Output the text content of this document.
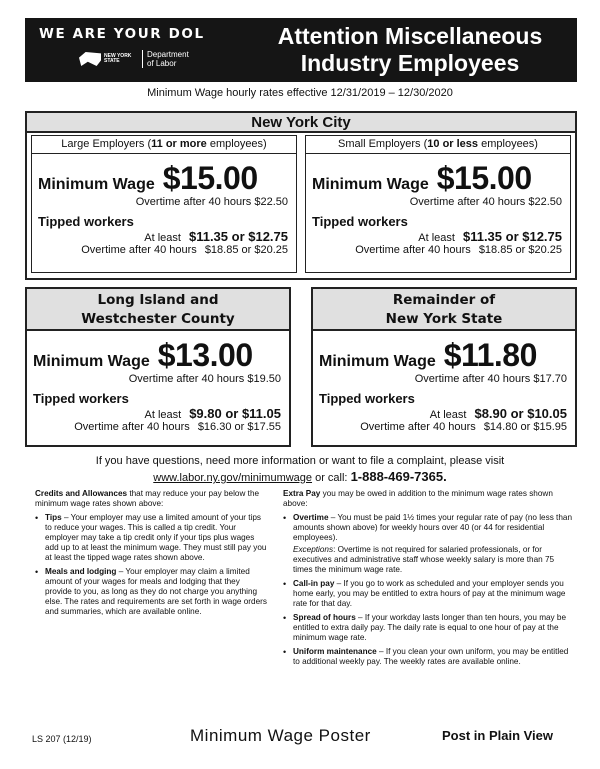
WE ARE YOUR DOL
NEW YORK STATE
Department
of Labor
Attention Miscellaneous
Industry Employees
Minimum Wage hourly rates effective 12/31/2019 – 12/30/2020
New York City
Large Employers (11 or more employees)
Minimum Wage $15.00
Overtime after 40 hours $22.50
Tipped workers
At least $11.35 or $12.75
Overtime after 40 hours $18.85 or $20.25
Small Employers (10 or less employees)
Minimum Wage $15.00
Overtime after 40 hours $22.50
Tipped workers
At least $11.35 or $12.75
Overtime after 40 hours $18.85 or $20.25
Long Island and
Westchester County
Minimum Wage $13.00
Overtime after 40 hours $19.50
Tipped workers
At least $9.80 or $11.05
Overtime after 40 hours $16.30 or $17.55
Remainder of
New York State
Minimum Wage $11.80
Overtime after 40 hours $17.70
Tipped workers
At least $8.90 or $10.05
Overtime after 40 hours $14.80 or $15.95
If you have questions, need more information or want to file a complaint, please visit
www.labor.ny.gov/minimumwage or call: 1-888-469-7365.

Credits and Allowances that may reduce your pay below the minimum wage rates shown above:

• Tips – Your employer may use a limited amount of your tips to reduce your wages. This is called a tip credit. Your employer may take a tip credit only if your tips plus wages add up to at least the minimum wage. They must still pay you at least the tipped wage rates shown above.
• Meals and lodging – Your employer may claim a limited amount of your wages for meals and lodging that they provide to you, as long as they do not charge you anything else. The rates and requirements are set forth in wage orders and summaries, which are available online.

Extra Pay you may be owed in addition to the minimum wage rates shown above:

• Overtime – You must be paid 1½ times your regular rate of pay (no less than amounts shown above) for weekly hours over 40 (or 44 for residential employees).

Exceptions: Overtime is not required for salaried professionals, or for executives and administrative staff whose weekly salary is more than 75 times the minimum wage rate.

• Call-in pay – If you go to work as scheduled and your employer sends you home early, you may be entitled to extra hours of pay at the minimum wage rate for that day.
• Spread of hours – If your workday lasts longer than ten hours, you may be entitled to extra daily pay. The daily rate is equal to one hour of pay at the minimum wage rate.
• Uniform maintenance – If you clean your own uniform, you may be entitled to additional weekly pay. The weekly rates are available online.
LS 207 (12/19)	Minimum Wage Poster	Post in Plain View
